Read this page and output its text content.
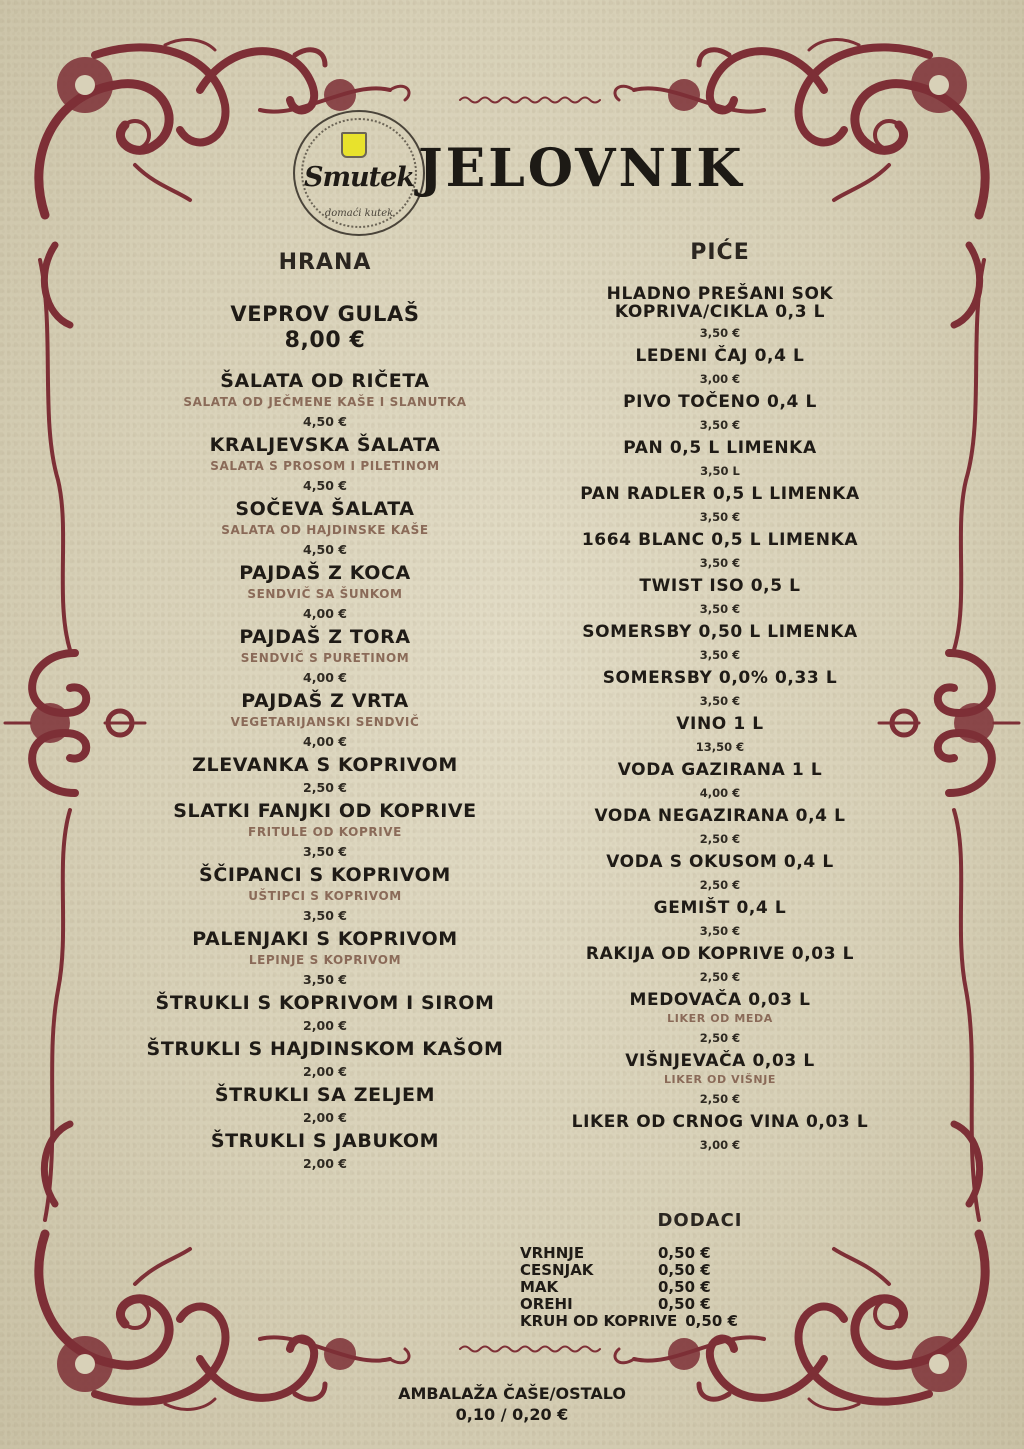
Smutek
domaći kutek
JELOVNIK
HRANA
VEPROV GULAŠ
8,00 €
ŠALATA OD RIČETA
SALATA OD JEČMENE KAŠE I SLANUTKA
4,50 €
KRALJEVSKA ŠALATA
SALATA S PROSOM I PILETINOM
4,50 €
SOČEVA ŠALATA
SALATA OD HAJDINSKE KAŠE
4,50 €
PAJDAŠ Z KOCA
SENDVIČ SA ŠUNKOM
4,00 €
PAJDAŠ Z TORA
SENDVIČ S PURETINOM
4,00 €
PAJDAŠ Z VRTA
VEGETARIJANSKI SENDVIČ
4,00 €
ZLEVANKA S KOPRIVOM
2,50 €
SLATKI FANJKI OD KOPRIVE
FRITULE OD KOPRIVE
3,50 €
ŠČIPANCI S KOPRIVOM
UŠTIPCI S KOPRIVOM
3,50 €
PALENJAKI S KOPRIVOM
LEPINJE S KOPRIVOM
3,50 €
ŠTRUKLI S KOPRIVOM I SIROM
2,00 €
ŠTRUKLI S HAJDINSKOM KAŠOM
2,00 €
ŠTRUKLI SA ZELJEM
2,00 €
ŠTRUKLI S JABUKOM
2,00 €
PIĆE
HLADNO PREŠANI SOK
KOPRIVA/CIKLA 0,3 L
3,50 €
LEDENI ČAJ 0,4 L
3,00 €
PIVO TOČENO 0,4 L
3,50 €
PAN 0,5 L LIMENKA
3,50 L
PAN RADLER 0,5 L LIMENKA
3,50 €
1664 BLANC 0,5 L LIMENKA
3,50 €
TWIST ISO 0,5 L
3,50 €
SOMERSBY 0,50 L LIMENKA
3,50 €
SOMERSBY 0,0% 0,33 L
3,50 €
VINO 1 L
13,50 €
VODA GAZIRANA 1 L
4,00 €
VODA NEGAZIRANA 0,4 L
2,50 €
VODA S OKUSOM 0,4 L
2,50 €
GEMIŠT 0,4 L
3,50 €
RAKIJA OD KOPRIVE 0,03 L
2,50 €
MEDOVAČA 0,03 L
LIKER OD MEDA
2,50 €
VIŠNJEVAČA 0,03 L
LIKER OD VIŠNJE
2,50 €
LIKER OD CRNOG VINA 0,03 L
3,00 €
DODACI
VRHNJE	0,50 €
CESNJAK	0,50 €
MAK	0,50 €
OREHI	0,50 €
KRUH OD KOPRIVE 0,50 €
AMBALAŽA ČAŠE/OSTALO
0,10 / 0,20 €
